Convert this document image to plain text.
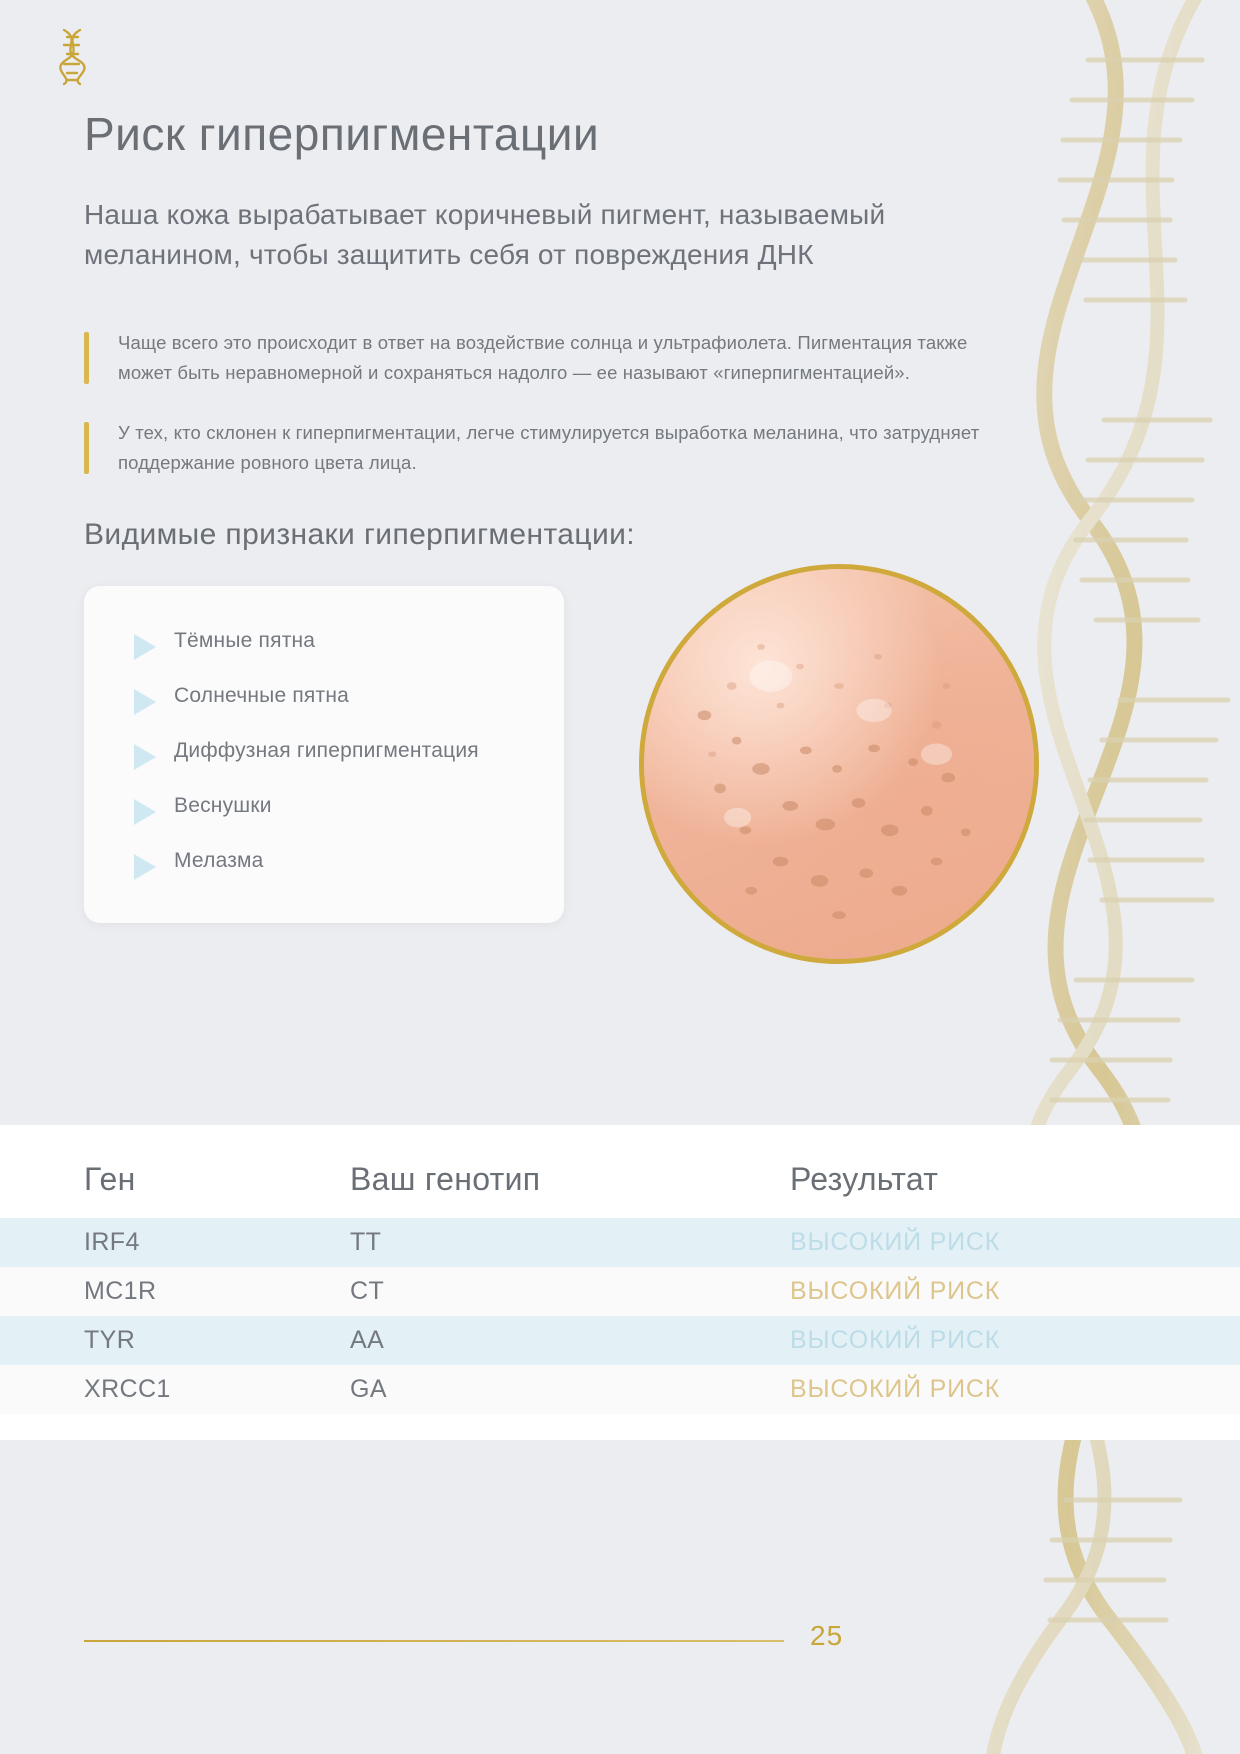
Риск гиперпигментации

Наша кожа вырабатывает коричневый пигмент, называемый меланином, чтобы защитить себя от повреждения ДНК

Чаще всего это происходит в ответ на воздействие солнца и ультрафиолета. Пигментация также может быть неравномерной и сохраняться надолго — ее называют «гиперпигментацией».

У тех, кто склонен к гиперпигментации, легче стимулируется выработка меланина, что затрудняет поддержание ровного цвета лица.

Видимые признаки гиперпигментации:
Тёмные пятна
Солнечные пятна
Диффузная гиперпигментация
Веснушки
Мелазма
Ген	Ваш генотип	Результат
IRF4	TT	ВЫСОКИЙ РИСК
MC1R	CT	ВЫСОКИЙ РИСК
TYR	AA	ВЫСОКИЙ РИСК
XRCC1	GA	ВЫСОКИЙ РИСК
25
